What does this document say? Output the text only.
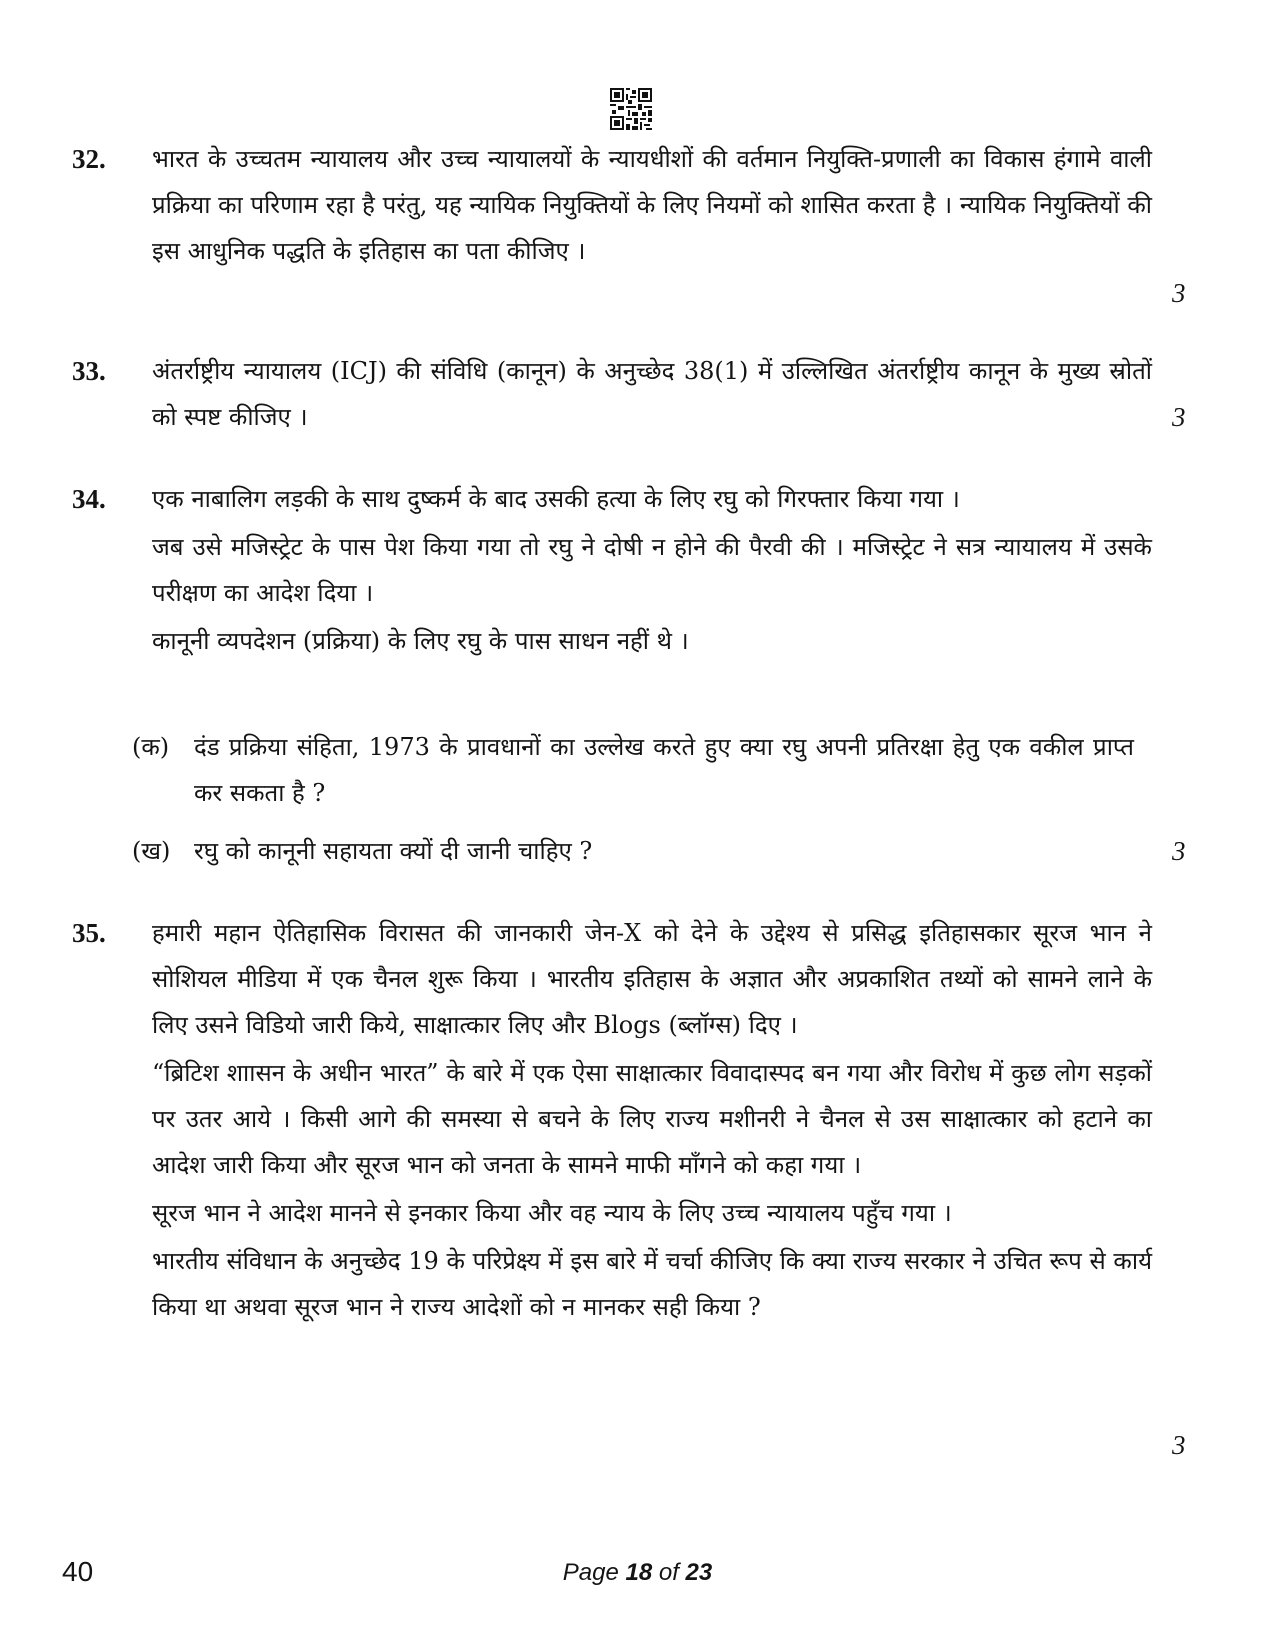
32. भारत के उच्चतम न्यायालय और उच्च न्यायालयों के न्यायधीशों की वर्तमान नियुक्ति-प्रणाली का विकास हंगामे वाली प्रक्रिया का परिणाम रहा है परंतु, यह न्यायिक नियुक्तियों के लिए नियमों को शासित करता है । न्यायिक नियुक्तियों की इस आधुनिक पद्धति के इतिहास का पता कीजिए ।

3
33. अंतर्राष्ट्रीय न्यायालय (ICJ) की संविधि (कानून) के अनुच्छेद 38(1) में उल्लिखित अंतर्राष्ट्रीय कानून के मुख्य स्रोतों को स्पष्ट कीजिए ।	3
34. एक नाबालिग लड़की के साथ दुष्कर्म के बाद उसकी हत्या के लिए रघु को गिरफ्तार किया गया ।

जब उसे मजिस्ट्रेट के पास पेश किया गया तो रघु ने दोषी न होने की पैरवी की । मजिस्ट्रेट ने सत्र न्यायालय में उसके परीक्षण का आदेश दिया ।

कानूनी व्यपदेशन (प्रक्रिया) के लिए रघु के पास साधन नहीं थे ।

(क) दंड प्रक्रिया संहिता, 1973 के प्रावधानों का उल्लेख करते हुए क्या रघु अपनी प्रतिरक्षा हेतु एक वकील प्राप्त कर सकता है ?

(ख) रघु को कानूनी सहायता क्यों दी जानी चाहिए ?	3
35. हमारी महान ऐतिहासिक विरासत की जानकारी जेन-X को देने के उद्देश्य से प्रसिद्ध इतिहासकार सूरज भान ने सोशियल मीडिया में एक चैनल शुरू किया । भारतीय इतिहास के अज्ञात और अप्रकाशित तथ्यों को सामने लाने के लिए उसने विडियो जारी किये, साक्षात्कार लिए और Blogs (ब्लॉग्स) दिए ।

“ब्रिटिश शाासन के अधीन भारत” के बारे में एक ऐसा साक्षात्कार विवादास्पद बन गया और विरोध में कुछ लोग सड़कों पर उतर आये । किसी आगे की समस्या से बचने के लिए राज्य मशीनरी ने चैनल से उस साक्षात्कार को हटाने का आदेश जारी किया और सूरज भान को जनता के सामने माफी माँगने को कहा गया ।

सूरज भान ने आदेश मानने से इनकार किया और वह न्याय के लिए उच्च न्यायालय पहुँच गया ।

भारतीय संविधान के अनुच्छेद 19 के परिप्रेक्ष्य में इस बारे में चर्चा कीजिए कि क्या राज्य सरकार ने उचित रूप से कार्य किया था अथवा सूरज भान ने राज्य आदेशों को न मानकर सही किया ?

3
40	Page 18 of 23
